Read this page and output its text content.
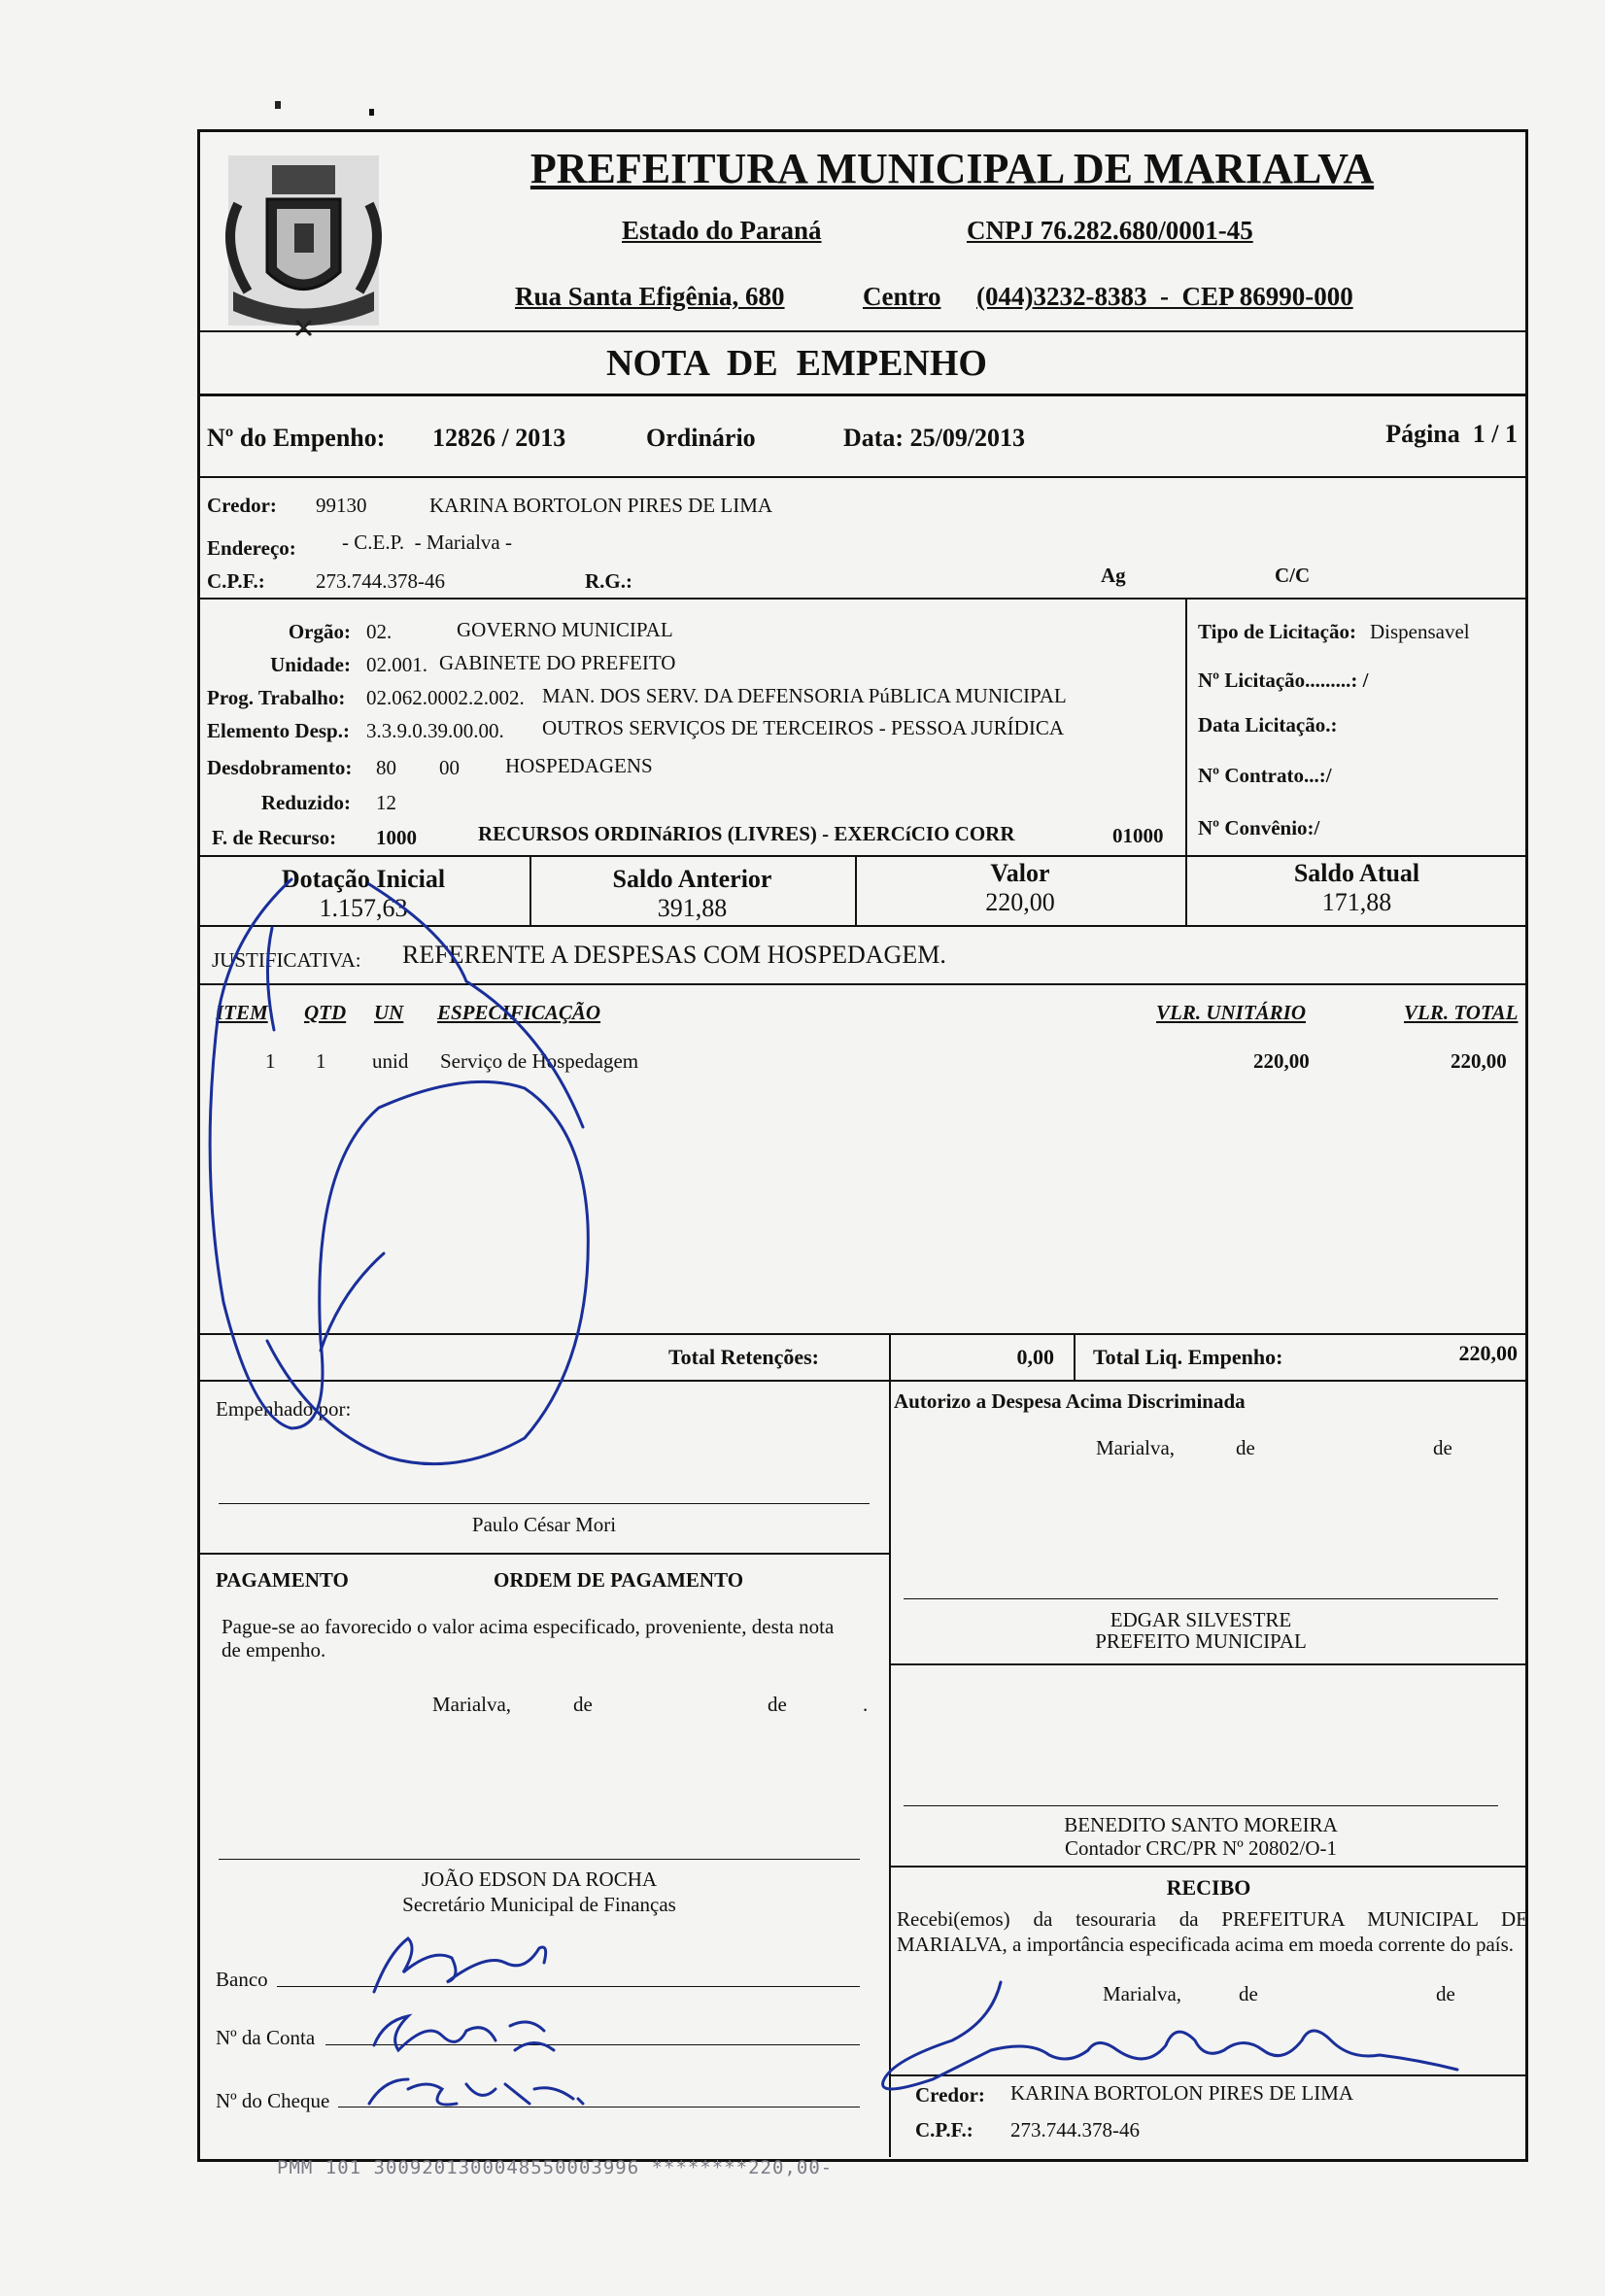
PREFEITURA MUNICIPAL DE MARIALVA
Estado do Paraná	CNPJ 76.282.680/0001-45
Rua Santa Efigênia, 680	Centro (044)3232-8383  -  CEP 86990-000
NOTA  DE  EMPENHO
Nº do Empenho: 12826 / 2013	Ordinário	Data: 25/09/2013	Página  1 / 1
Credor: 99130	KARINA BORTOLON PIRES DE LIMA
Endereço: - C.E.P.  - Marialva -
C.P.F.: 273.744.378-46	R.G.:	Ag	C/C
Orgão: 02.	GOVERNO MUNICIPAL
Unidade: 02.001. GABINETE DO PREFEITO
Prog. Trabalho: 02.062.0002.2.002. MAN. DOS SERV. DA DEFENSORIA PúBLICA MUNICIPAL
Elemento Desp.: 3.3.9.0.39.00.00. OUTROS SERVIÇOS DE TERCEIROS - PESSOA JURÍDICA
Desdobramento: 80 00 HOSPEDAGENS
Reduzido: 12
F. de Recurso: 1000	RECURSOS ORDINáRIOS (LIVRES) - EXERCíCIO CORR	01000
Tipo de Licitação: Dispensavel
Nº Licitação.........: /
Data Licitação.:
Nº Contrato...:/
Nº Convênio:/
Dotação Inicial
1.157,63
Saldo Anterior
391,88
Valor
220,00
Saldo Atual
171,88
JUSTIFICATIVA: REFERENTE A DESPESAS COM HOSPEDAGEM.
ITEM QTD UN ESPECIFICAÇÃO	VLR. UNITÁRIO	VLR. TOTAL
1 1 unid Serviço de Hospedagem	220,00	220,00
Total Retenções:	0,00 Total Liq. Empenho:	220,00
Empenhado por:
Paulo César Mori
Autorizo a Despesa Acima Discriminada
Marialva,	de	de
PAGAMENTO	ORDEM DE PAGAMENTO
Pague-se ao favorecido o valor acima especificado, proveniente, desta nota de empenho.
Marialva,	de	de	.
JOÃO EDSON DA ROCHA
Secretário Municipal de Finanças
EDGAR SILVESTRE
PREFEITO MUNICIPAL
BENEDITO SANTO MOREIRA
Contador CRC/PR Nº 20802/O-1
RECIBO
Recebi(emos) da tesouraria da PREFEITURA MUNICIPAL DE MARIALVA, a importância especificada acima em moeda corrente do país.
Marialva,	de	de
Credor: KARINA BORTOLON PIRES DE LIMA
C.P.F.: 273.744.378-46
Banco
Nº da Conta
Nº do Cheque
PMM 101 3009201300048550003996 ********220,00-
